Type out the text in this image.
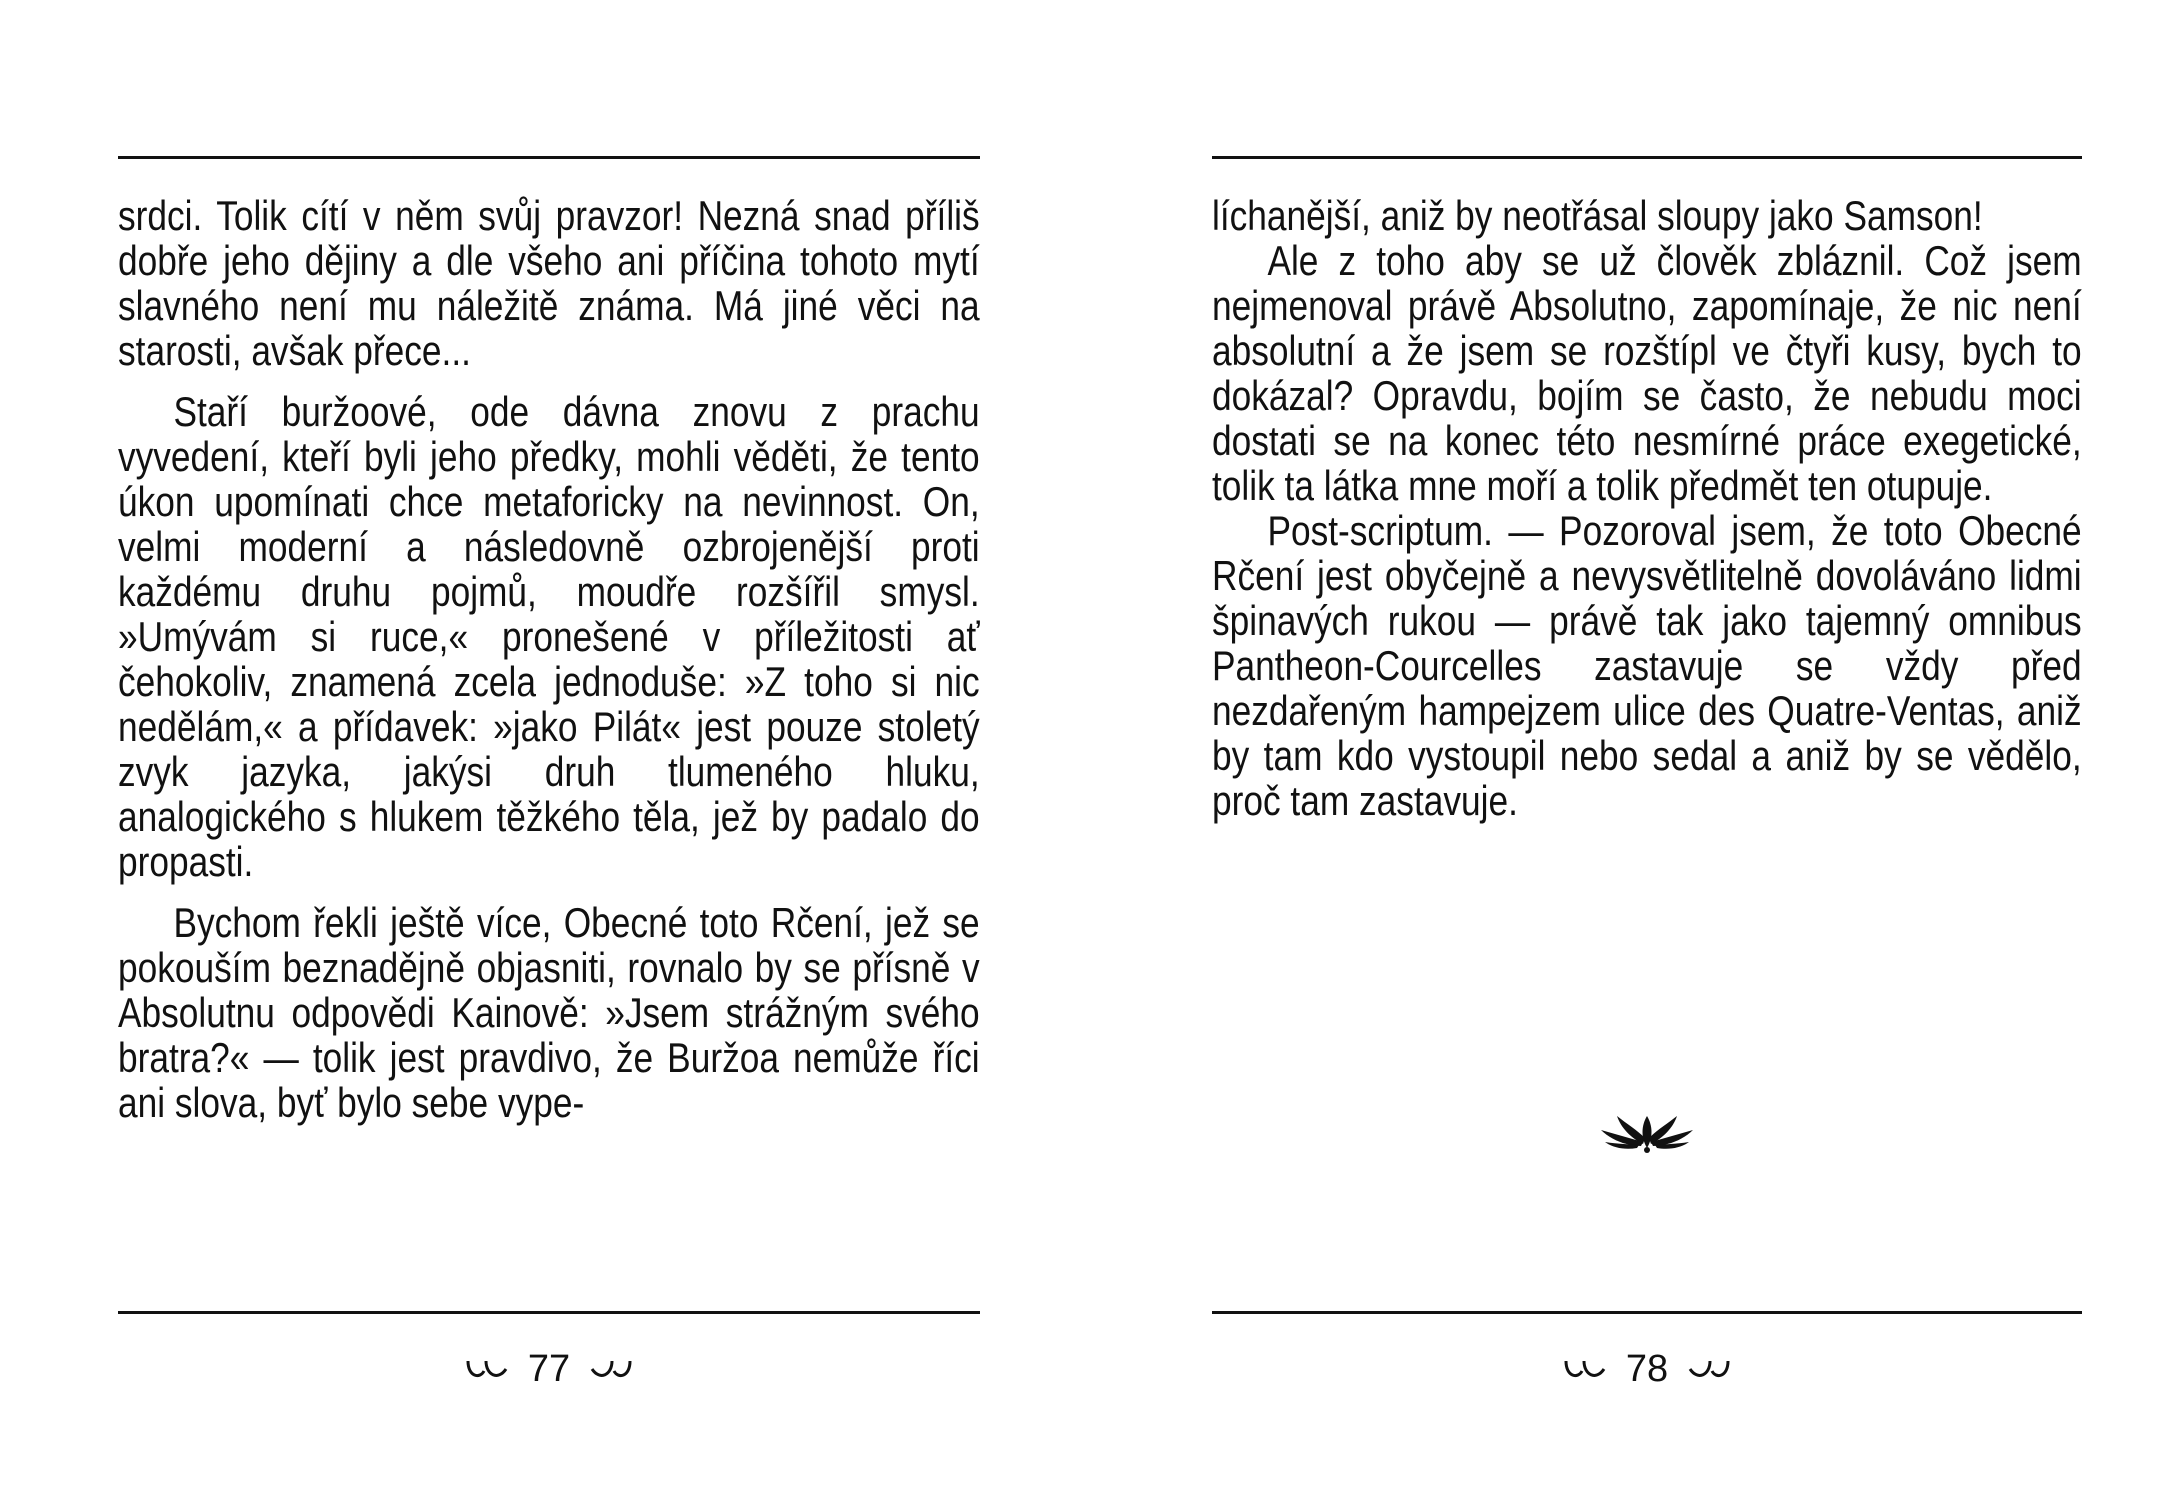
srdci. Tolik cítí v něm svůj pravzor! Nezná snad příliš dobře jeho dějiny a dle všeho ani příčina tohoto mytí slavného není mu náležitě známa. Má jiné věci na starosti, avšak přece...

Staří buržoové, ode dávna znovu z prachu vyvedení, kteří byli jeho předky, mohli věděti, že tento úkon upomínati chce metaforicky na nevinnost. On, velmi moderní a následovně ozbrojenější proti každému druhu pojmů, moudře rozšířil smysl. »Umývám si ruce,« pronešené v příležitosti ať čehokoliv, znamená zcela jednoduše: »Z toho si nic nedělám,« a přídavek: »jako Pilát« jest pouze stoletý zvyk jazyka, jakýsi druh tlumeného hluku, analogického s hlukem těžkého těla, jež by padalo do propasti.

Bychom řekli ještě více, Obecné toto Rčení, jež se pokouším beznadějně objasniti, rovnalo by se přísně v Absolutnu odpovědi Kainově: »Jsem strážným svého bratra?« — tolik jest pravdivo, že Buržoa nemůže říci ani slova, byť bylo sebe vype-

77

líchanější, aniž by neotřásal sloupy jako Samson!

Ale z toho aby se už člověk zbláznil. Což jsem nejmenoval právě Absolutno, zapomínaje, že nic není absolutní a že jsem se rozštípl ve čtyři kusy, bych to dokázal? Opravdu, bojím se často, že nebudu moci dostati se na konec této nesmírné práce exegetické, tolik ta látka mne moří a tolik předmět ten otupuje.

Post-scriptum. — Pozoroval jsem, že toto Obecné Rčení jest obyčejně a nevysvětlitelně dovoláváno lidmi špinavých rukou — právě tak jako tajemný omnibus Pantheon-Courcelles zastavuje se vždy před nezdařeným hampejzem ulice des Quatre-Ventas, aniž by tam kdo vystoupil nebo sedal a aniž by se vědělo, proč tam zastavuje.

78
